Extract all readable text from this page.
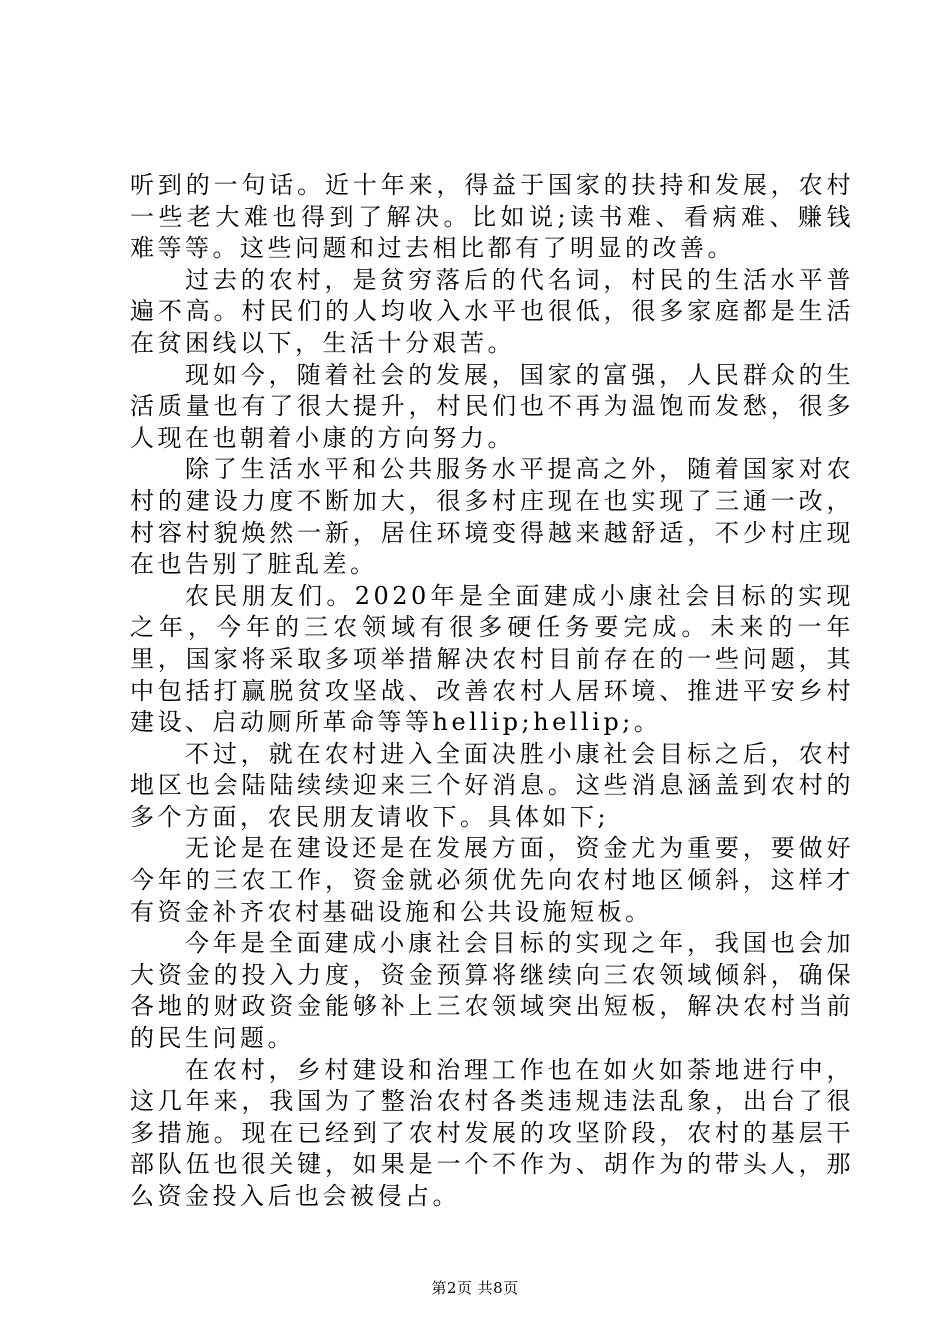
听到的一句话。近十年来，得益于国家的扶持和发展，农村一些老大难也得到了解决。比如说;读书难、看病难、赚钱难等等。这些问题和过去相比都有了明显的改善。

过去的农村，是贫穷落后的代名词，村民的生活水平普遍不高。村民们的人均收入水平也很低，很多家庭都是生活在贫困线以下，生活十分艰苦。

现如今，随着社会的发展，国家的富强，人民群众的生活质量也有了很大提升，村民们也不再为温饱而发愁，很多人现在也朝着小康的方向努力。

除了生活水平和公共服务水平提高之外，随着国家对农村的建设力度不断加大，很多村庄现在也实现了三通一改，村容村貌焕然一新，居住环境变得越来越舒适，不少村庄现在也告别了脏乱差。

农民朋友们。2020年是全面建成小康社会目标的实现之年，今年的三农领域有很多硬任务要完成。未来的一年里，国家将采取多项举措解决农村目前存在的一些问题，其中包括打赢脱贫攻坚战、改善农村人居环境、推进平安乡村建设、启动厕所革命等等hellip;hellip;。

不过，就在农村进入全面决胜小康社会目标之后，农村地区也会陆陆续续迎来三个好消息。这些消息涵盖到农村的多个方面，农民朋友请收下。具体如下;

无论是在建设还是在发展方面，资金尤为重要，要做好今年的三农工作，资金就必须优先向农村地区倾斜，这样才有资金补齐农村基础设施和公共设施短板。

今年是全面建成小康社会目标的实现之年，我国也会加大资金的投入力度，资金预算将继续向三农领域倾斜，确保各地的财政资金能够补上三农领域突出短板，解决农村当前的民生问题。

在农村，乡村建设和治理工作也在如火如荼地进行中，这几年来，我国为了整治农村各类违规违法乱象，出台了很多措施。现在已经到了农村发展的攻坚阶段，农村的基层干部队伍也很关键，如果是一个不作为、胡作为的带头人，那么资金投入后也会被侵占。

第2页 共8页
